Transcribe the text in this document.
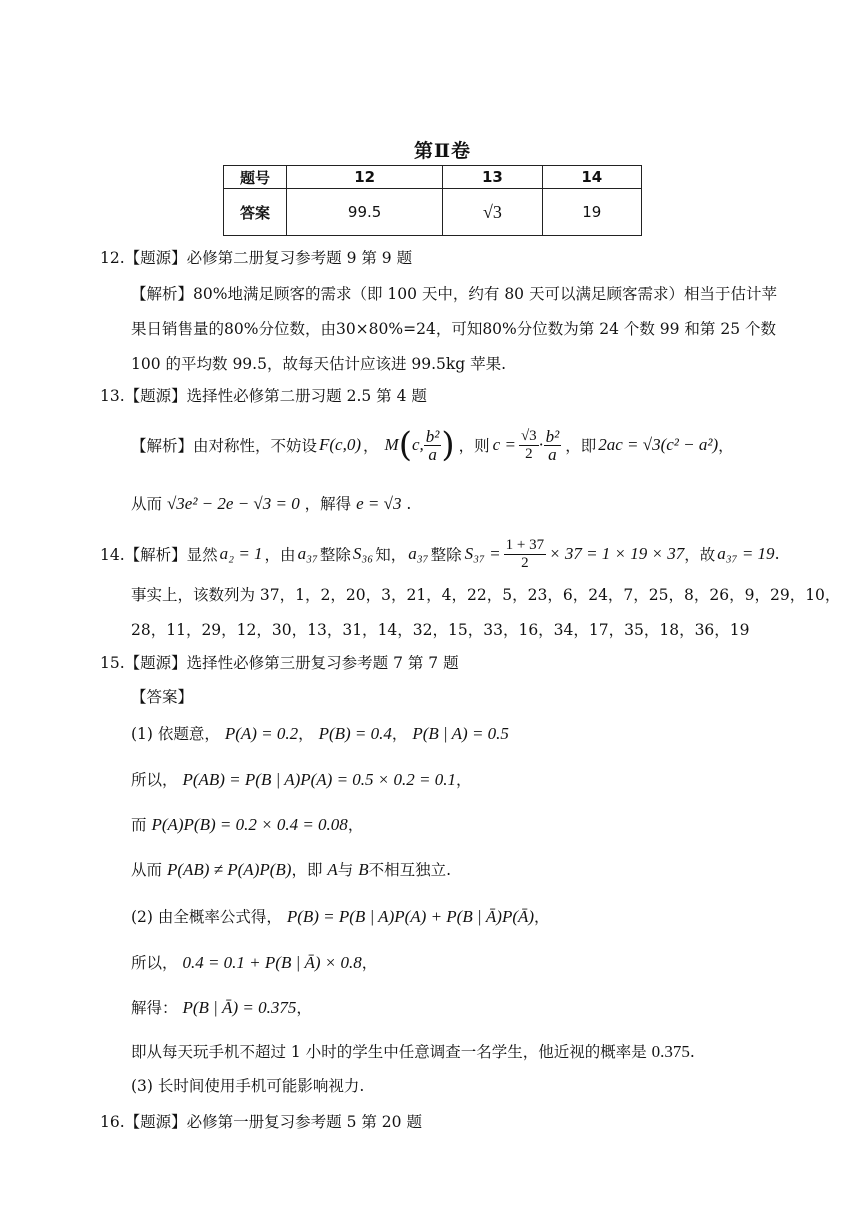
第Ⅱ卷
题号	12	13	14
答案	99.5	√3	19
12.【题源】必修第二册复习参考题 9 第 9 题
【解析】80%地满足顾客的需求（即 100 天中，约有 80 天可以满足顾客需求）相当于估计苹
果日销售量的80%分位数，由30×80%=24，可知80%分位数为第 24 个数 99 和第 25 个数
100 的平均数 99.5，故每天估计应该进 99.5kg 苹果.
13.【题源】选择性必修第二册习题 2.5 第 4 题
【解析】由对称性，不妨设 F(c,0) ， M ( c, $\frac{\text{b²}}{a}$ ) ，则 $c = \frac{√3}{2} \cdot \frac{\text{b²}}{a}$ ，即 2ac = √3(c² − a²) ，
从而 √3e² − 2e − √3 = 0 ，解得 e = √3 .
14.【解析】显然 a₂ = 1 ，由 a₃₇ 整除 S₃₆ 知， a₃₇ 整除 $S_{37} = \frac{1 + 37}{2} \times 37 = 1 \times 19 \times 37$ ，故 a₃₇ = 19 .
事实上，该数列为 37，1，2，20，3，21，4，22，5，23，6，24，7，25，8，26，9，29，10，
28，11，29，12，30，13，31，14，32，15，33，16，34，17，35，18，36，19
15.【题源】选择性必修第三册复习参考题 7 第 7 题
【答案】
(1) 依题意， P(A) = 0.2， P(B) = 0.4， P(B | A) = 0.5
所以， P(AB) = P(B | A)P(A) = 0.5 × 0.2 = 0.1，
而 P(A)P(B) = 0.2 × 0.4 = 0.08，
从而 P(AB) ≠ P(A)P(B)，即 A与 B不相互独立.
(2) 由全概率公式得， P(B) = P(B | A)P(A) + P(B | Ā)P(Ā)，
所以， 0.4 = 0.1 + P(B | Ā) × 0.8，
解得： P(B | Ā) = 0.375，
即从每天玩手机不超过 1 小时的学生中任意调查一名学生，他近视的概率是 0.375.
(3) 长时间使用手机可能影响视力.
16.【题源】必修第一册复习参考题 5 第 20 题
